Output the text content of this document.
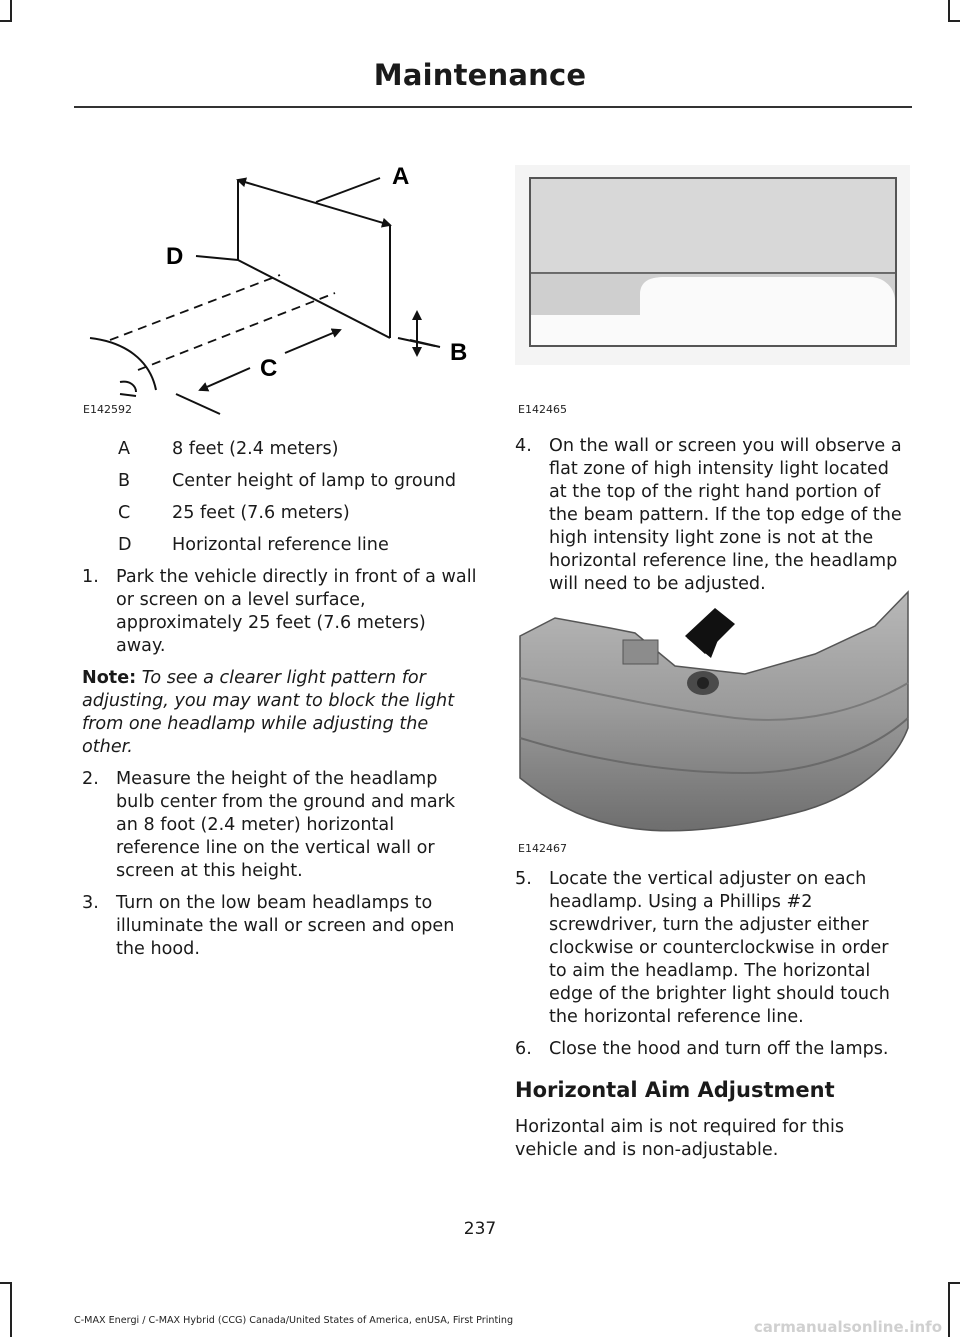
Maintenance
A
D
C
B
E142592	E142465
E142467
A	8 feet (2.4 meters)
B	Center height of lamp to ground
C	25 feet (7.6 meters)
D	Horizontal reference line
1. Park the vehicle directly in front of a wall or screen on a level surface, approximately 25 feet (7.6 meters) away.
Note: To see a clearer light pattern for adjusting, you may want to block the light from one headlamp while adjusting the other.
2. Measure the height of the headlamp bulb center from the ground and mark an 8 foot (2.4 meter) horizontal reference line on the vertical wall or screen at this height.
3. Turn on the low beam headlamps to illuminate the wall or screen and open the hood.
4. On the wall or screen you will observe a flat zone of high intensity light located at the top of the right hand portion of the beam pattern. If the top edge of the high intensity light zone is not at the horizontal reference line, the headlamp will need to be adjusted.
5. Locate the vertical adjuster on each headlamp. Using a Phillips #2 screwdriver, turn the adjuster either clockwise or counterclockwise in order to aim the headlamp. The horizontal edge of the brighter light should touch the horizontal reference line.
6. Close the hood and turn off the lamps.
Horizontal Aim Adjustment
Horizontal aim is not required for this vehicle and is non-adjustable.
237
C-MAX Energi / C-MAX Hybrid (CCG) Canada/United States of America, enUSA, First Printing	carmanualsonline.info
